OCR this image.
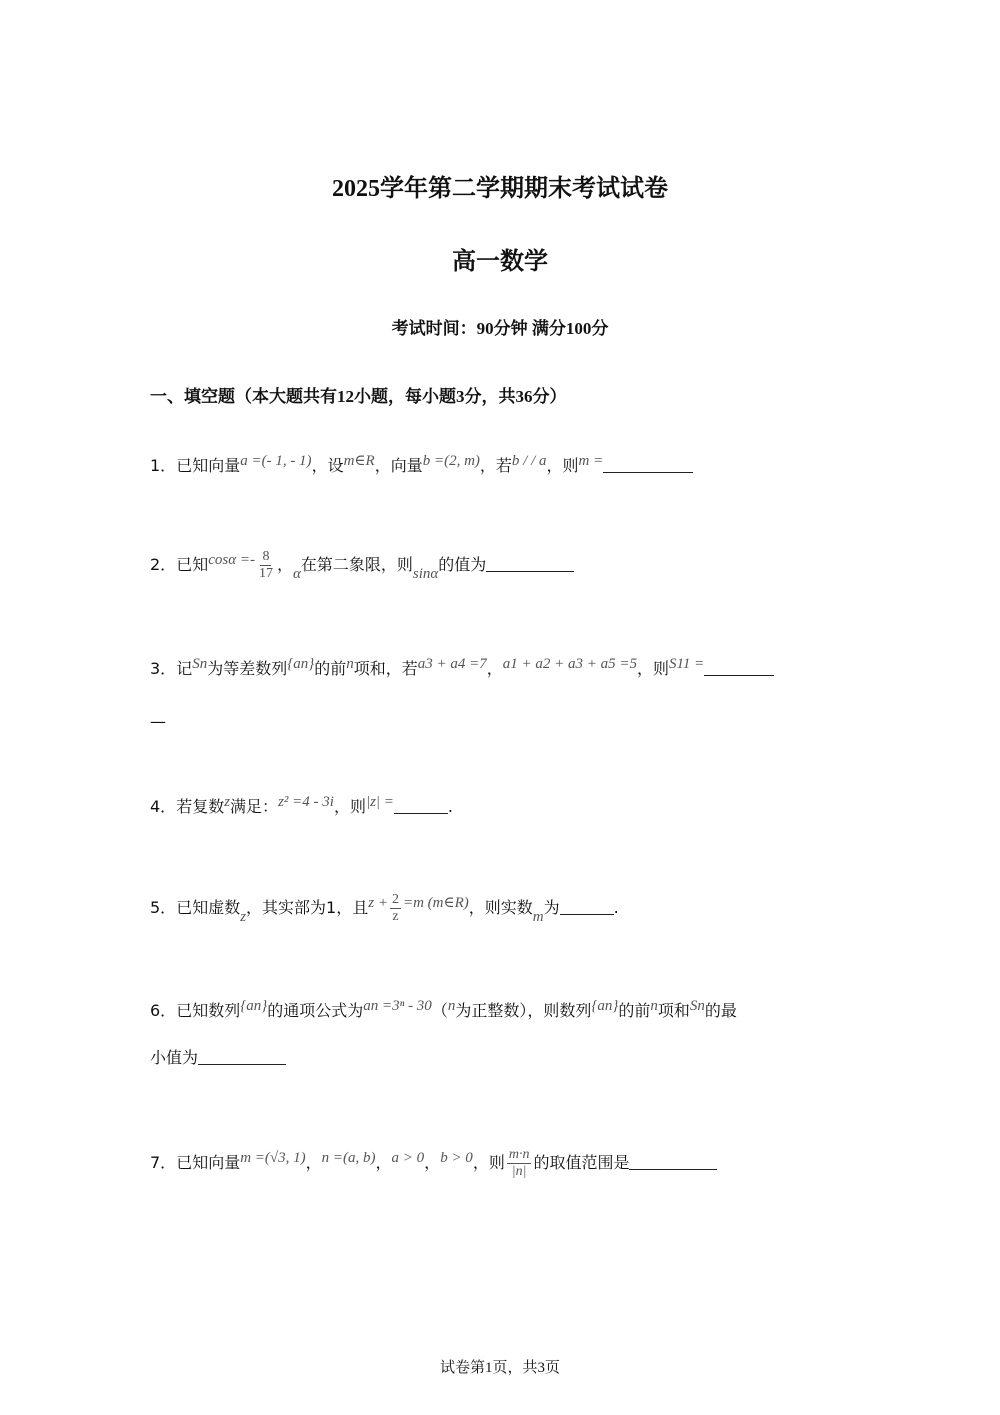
2025学年第二学期期末考试试卷
高一数学
考试时间：90分钟 满分100分
一、填空题（本大题共有12小题，每小题3分，共36分）
1．已知向量a =(- 1, - 1)，设m∈R，向量b =(2, m)，若b / / a，则m =
2．已知$\cos\alpha =- \frac{8}{17}$ ，α在第二象限，则sinα的值为
3．记Sn为等差数列{an}的前n项和，若a3 + a4 =7，a1 + a2 + a3 + a5 =5，则S11 =
—
4．若复数z满足：z² =4 - 3i，则|z| =	.
5．已知虚数z，其实部为1，且$z + \frac{2}{z} =m$ (m∈R)，则实数m为	.
6．已知数列{an}的通项公式为an =3ⁿ - 30（n为正整数），则数列{an}的前n项和Sn的最
小值为
7．已知向量m =(√3, 1)，n =(a, b)，a > 0，b > 0，则 $\frac{m\cdot n}{|n|}$ 的取值范围是
试卷第1页，共3页
